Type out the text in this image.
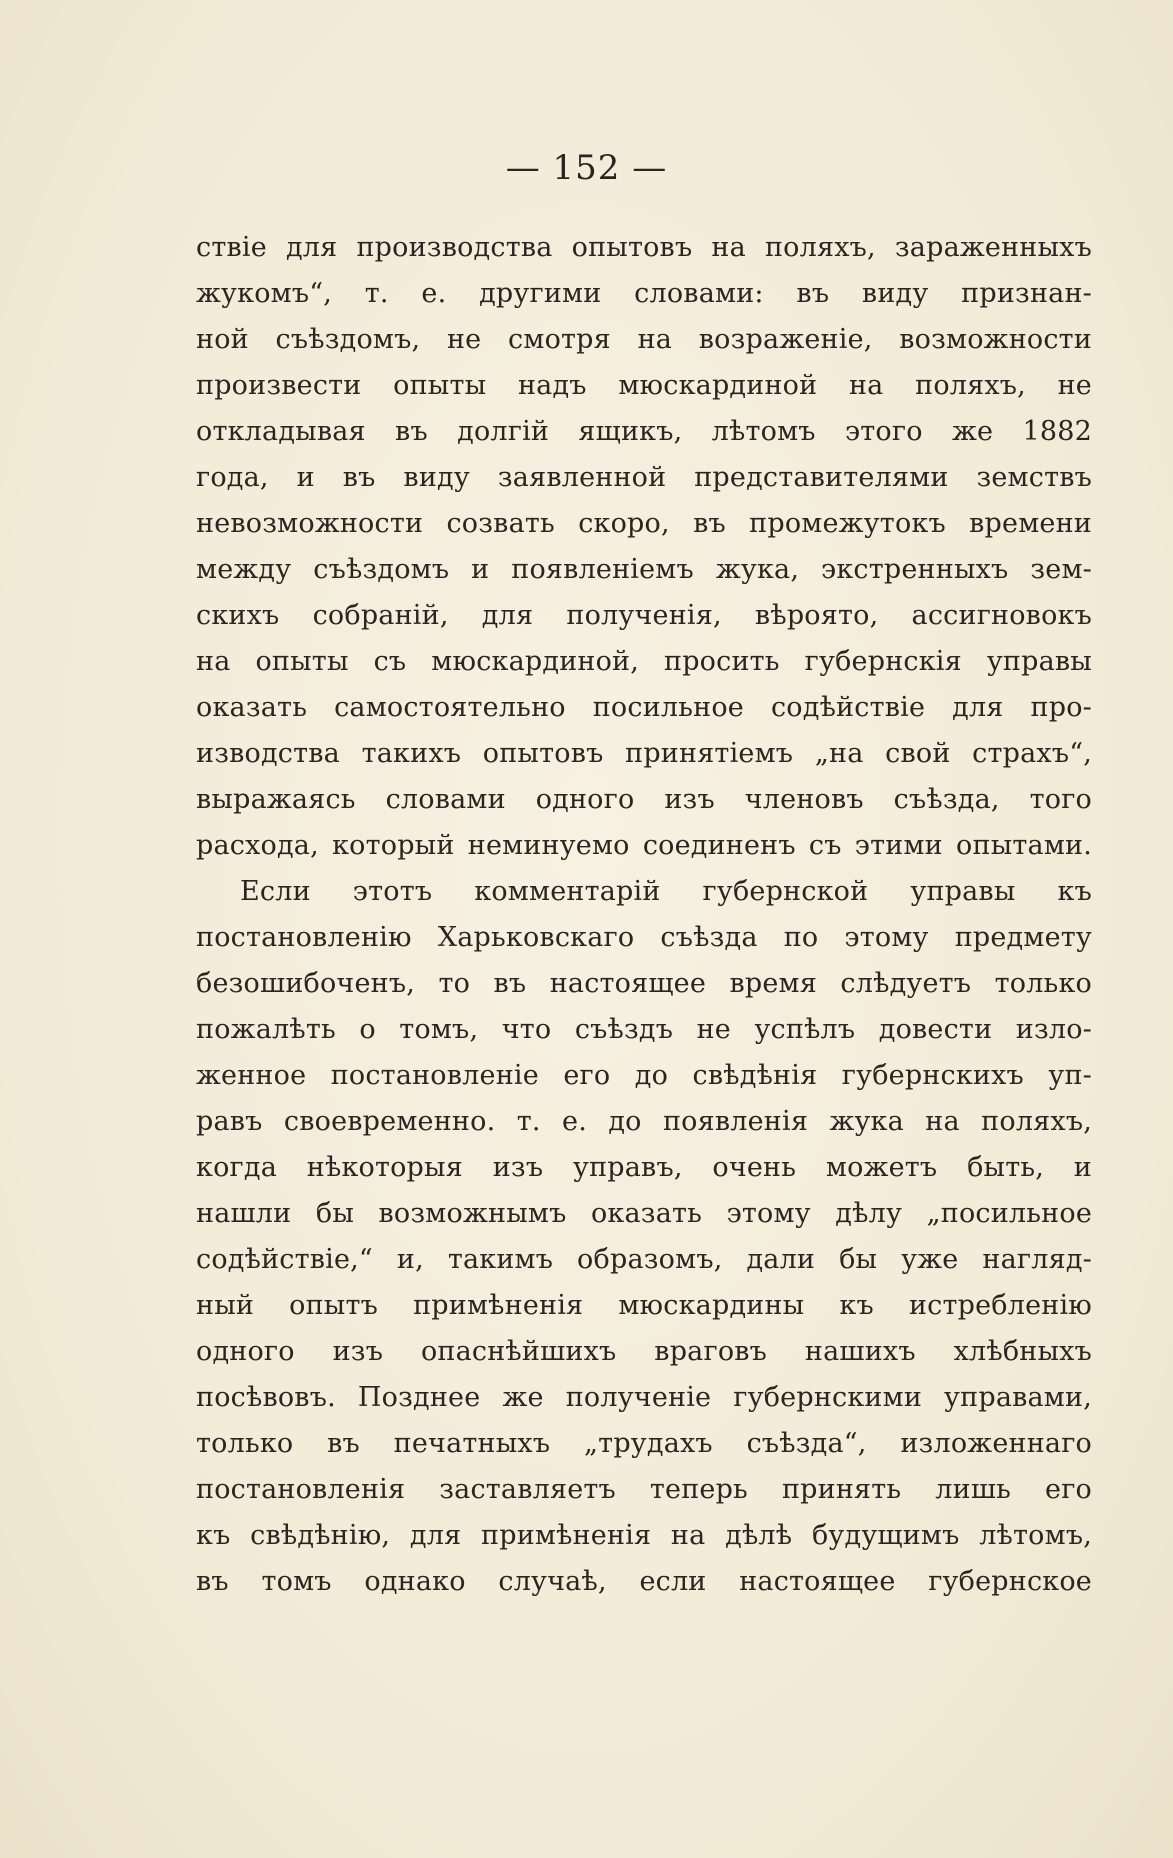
— 152 —
ствіе для производства опытовъ на поляхъ, зараженныхъ
жукомъ“, т. е. другими словами: въ виду признан-
ной съѣздомъ, не смотря на возраженіе, возможности
произвести опыты надъ мюскардиной на поляхъ, не
откладывая въ долгій ящикъ, лѣтомъ этого же 1882
года, и въ виду заявленной представителями земствъ
невозможности созвать скоро, въ промежутокъ времени
между съѣздомъ и появленіемъ жука, экстренныхъ зем-
скихъ собраній, для полученія, вѣроято, ассигновокъ
на опыты съ мюскардиной, просить губернскія управы
оказать самостоятельно посильное содѣйствіе для про-
изводства такихъ опытовъ принятіемъ „на свой страхъ“,
выражаясь словами одного изъ членовъ съѣзда, того
расхода, который неминуемо соединенъ съ этими опытами.
Если этотъ комментарій губернской управы къ
постановленію Харьковскаго съѣзда по этому предмету
безошибоченъ, то въ настоящее время слѣдуетъ только
пожалѣть о томъ, что съѣздъ не успѣлъ довести изло-
женное постановленіе его до свѣдѣнія губернскихъ уп-
равъ своевременно. т. е. до появленія жука на поляхъ,
когда нѣкоторыя изъ управъ, очень можетъ быть, и
нашли бы возможнымъ оказать этому дѣлу „посильное
содѣйствіе,“ и, такимъ образомъ, дали бы уже нагляд-
ный опытъ примѣненія мюскардины къ истребленію
одного изъ опаснѣйшихъ враговъ нашихъ хлѣбныхъ
посѣвовъ. Позднее же полученіе губернскими управами,
только въ печатныхъ „трудахъ съѣзда“, изложеннаго
постановленія заставляетъ теперь принять лишь его
къ свѣдѣнію, для примѣненія на дѣлѣ будущимъ лѣтомъ,
въ томъ однако случаѣ, если настоящее губернское
